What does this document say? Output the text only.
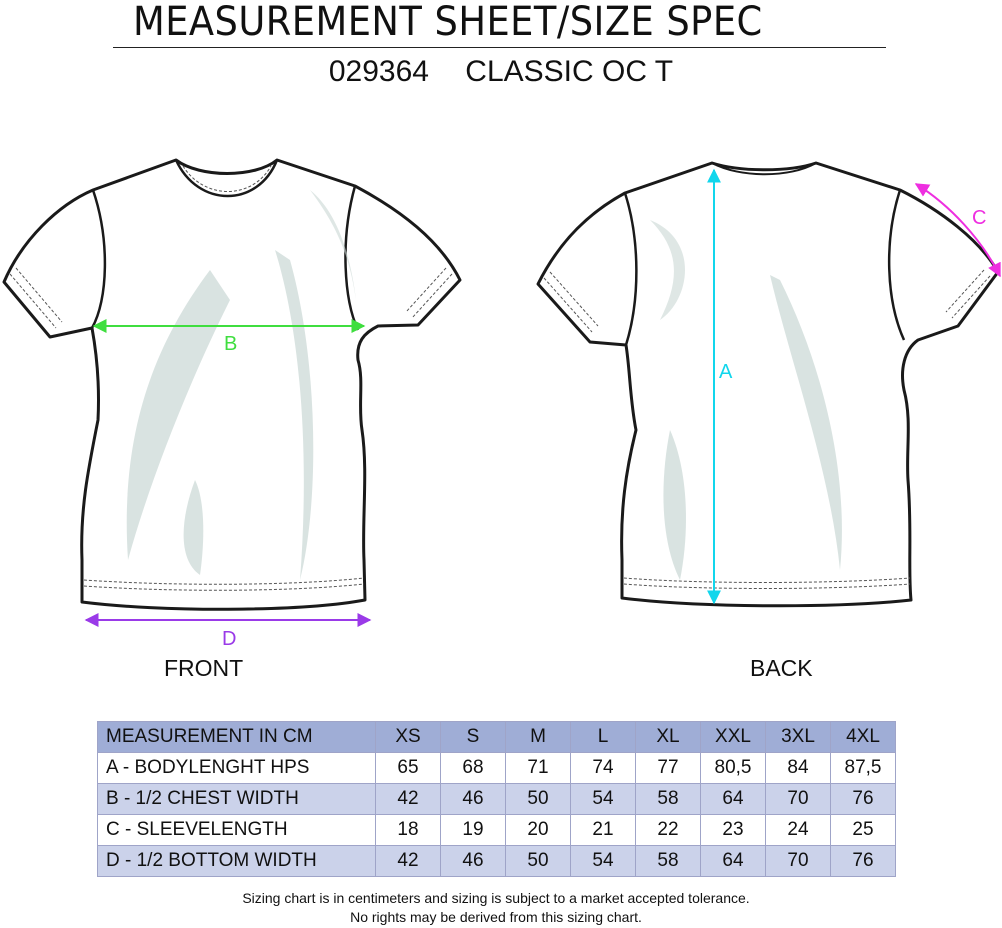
MEASUREMENT SHEET/SIZE SPEC
029364 CLASSIC OC T
A
B
C
D
FRONT	BACK
MEASUREMENT IN CM	XS	S	M	L	XL	XXL	3XL	4XL
A - BODYLENGHT HPS	65	68	71	74	77	80,5	84	87,5
B - 1/2 CHEST WIDTH	42	46	50	54	58	64	70	76
C - SLEEVELENGTH	18	19	20	21	22	23	24	25
D - 1/2 BOTTOM WIDTH	42	46	50	54	58	64	70	76
Sizing chart is in centimeters and sizing is subject to a market accepted tolerance.
No rights may be derived from this sizing chart.
